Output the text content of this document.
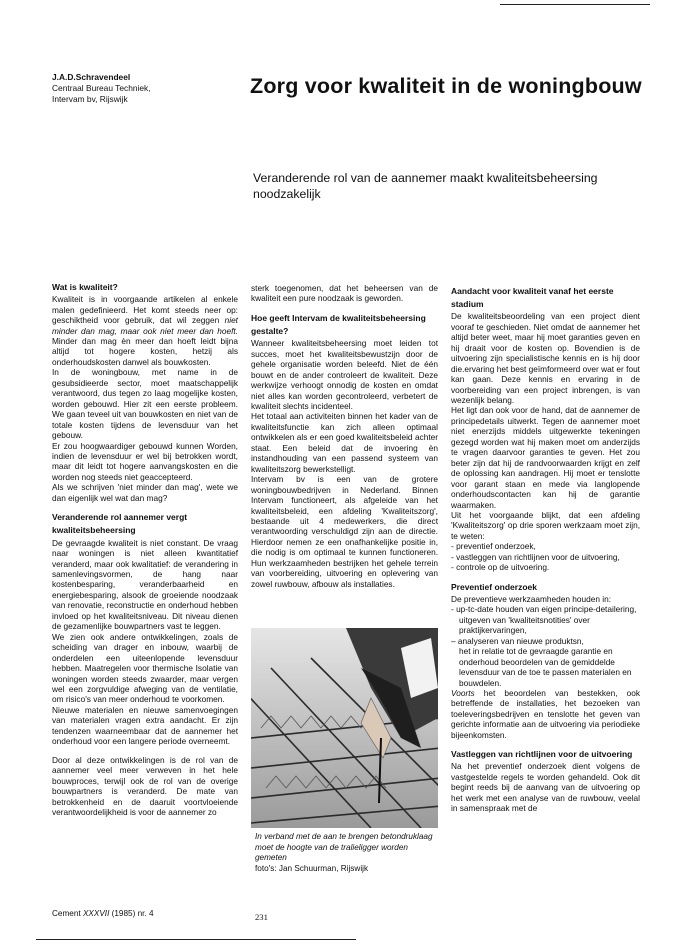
J.A.D.Schravendeel
Centraal Bureau Techniek,
Intervam bv, Rijswijk
Zorg voor kwaliteit in de woningbouw
Veranderende rol van de aannemer maakt kwaliteitsbeheersing noodzakelijk
Wat is kwaliteit?

Kwaliteit is in voorgaande artikelen al enkele malen gedefinieerd. Het komt steeds neer op: geschiktheid voor gebruik, dat wil zeggen niet minder dan mag, maar ook niet meer dan hoeft. Minder dan mag èn meer dan hoeft leidt bijna altijd tot hogere kosten, hetzij als onderhoudskosten danwel als bouwkosten.

In de woningbouw, met name in de gesubsidieerde sector, moet maatschappelijk verantwoord, dus tegen zo laag mogelijke kosten, worden gebouwd. Hier zit een eerste probleem. We gaan teveel uit van bouwkosten en niet van de totale kosten tijdens de levensduur van het gebouw.

Er zou hoogwaardiger gebouwd kunnen Worden, indien de levensduur er wel bij betrokken wordt, maar dit leidt tot hogere aanvangskosten en die worden nog steeds niet geaccepteerd.

Als we schrijven 'niet minder dan mag', wete we dan eigenlijk wel wat dan mag?

Veranderende rol aannemer vergt kwaliteitsbeheersing

De gevraagde kwaliteit is niet constant. De vraag naar woningen is niet alleen kwantitatief veranderd, maar ook kwalitatief: de verandering in samenlevingsvormen, de hang naar kostenbesparing, veranderbaarheid en energiebesparing, alsook de groeiende noodzaak van renovatie, reconstructie en onderhoud hebben invloed op het kwaliteitsniveau. Dit niveau dienen de gezamenlijke bouwpartners vast te leggen.

We zien ook andere ontwikkelingen, zoals de scheiding van drager en inbouw, waarbij de onderdelen een uiteenlopende levensduur hebben. Maatregelen voor thermische Isolatie van woningen worden steeds zwaarder, maar vergen wel een zorgvuldige afweging van de ventilatie, om risico's van meer onderhoud te voorkomen.

Nieuwe materialen en nieuwe samenvoegingen van materialen vragen extra aandacht. Er zijn tendenzen waarneembaar dat de aannemer het onderhoud voor een langere periode overneemt.

Door al deze ontwikkelingen is de rol van de aannemer veel meer verweven in het hele bouwproces, terwijl ook de rol van de overige bouwpartners is veranderd. De mate van betrokkenheid en de daaruit voortvloeiende verantwoordelijkheid is voor de aannemer zo

sterk toegenomen, dat het beheersen van de kwaliteit een pure noodzaak is geworden.

Hoe geeft Intervam de kwaliteitsbeheersing gestalte?

Wanneer kwaliteitsbeheersing moet leiden tot succes, moet het kwaliteitsbewustzijn door de gehele organisatie worden beleefd. Niet de één bouwt en de ander controleert de kwaliteit. Deze werkwijze verhoogt onnodig de kosten en omdat niet alles kan worden gecontroleerd, verbetert de kwaliteit slechts incidenteel.

Het totaal aan activiteiten binnen het kader van de kwaliteitsfunctie kan zich alleen optimaal ontwikkelen als er een goed kwaliteitsbeleid achter staat. Een beleid dat de invoering èn instandhouding van een passend systeem van kwaliteitszorg bewerkstelligt.

Intervam bv is een van de grotere woningbouwbedrijven in Nederland. Binnen Intervam functioneert, als afgeleide van het kwaliteitsbeleid, een afdeling 'Kwaliteitszorg', bestaande uit 4 medewerkers, die direct verantwoording verschuldigd zijn aan de directie. Hierdoor nemen ze een onafhankelijke positie in, die nodig is om optimaal te kunnen functioneren. Hun werkzaamheden bestrijken het gehele terrein van voorbereiding, uitvoering en oplevering van zowel ruwbouw, afbouw als installaties.

In verband met de aan te brengen betondruklaag moet de hoogte van de tralieligger worden gemeten
foto's: Jan Schuurman, Rijswijk
Aandacht voor kwaliteit vanaf het eerste stadium

De kwaliteitsbeoordeling van een project dient vooraf te geschieden. Niet omdat de aannemer het altijd beter weet, maar hij moet garanties geven en hij draait voor de kosten op. Bovendien is de uitvoering zijn specialistische kennis en is hij door die.ervaring het best geïmformeerd over wat er fout kan gaan. Deze kennis en ervaring in de voorbereiding van een project inbrengen, is van wezenlijk belang.

Het ligt dan ook voor de hand, dat de aannemer de principedetails uitwerkt. Tegen de aannemer moet niet enerzijds middels uitgewerkte tekeningen gezegd worden wat hij maken moet om anderzijds te vragen daarvoor garanties te geven. Het zou beter zijn dat hij de randvoorwaarden krijgt en zelf de oplossing kan aandragen. Hij moet er tenslotte voor garant staan en mede via langlopende onderhoudscontacten kan hij de garantie waarmaken.

Uit het voorgaande blijkt, dat een afdeling 'Kwaliteitszorg' op drie sporen werkzaam moet zijn, te weten:

- preventief onderzoek,
- vastleggen van richtlijnen voor de uitvoering,
- controle op de uitvoering.
Preventief onderzoek

De preventieve werkzaamheden houden in:

- up-tc-date houden van eigen principe-detailering,
uitgeven van 'kwaliteitsnotities' over praktijkervaringen,
– analyseren van nieuwe produktsn,
het in relatie tot de gevraagde garantie en onderhoud beoordelen van de gemiddelde levensduur van de toe te passen materialen en bouwdelen.

Voorts het beoordelen van bestekken, ook betreffende de installaties, het bezoeken van toeleveringsbedrijven en tenslotte het geven van gerichte informatie aan de uitvoering via periodieke bijeenkomsten.

Vastleggen van richtlijnen voor de uitvoering

Na het preventief onderzoek dient volgens de vastgestelde regels te worden gehandeld. Ook dit begint reeds bij de aanvang van de uitvoering op het werk met een analyse van de ruwbouw, veelal in samenspraak met de

Cement XXXVII (1985) nr. 4	231
